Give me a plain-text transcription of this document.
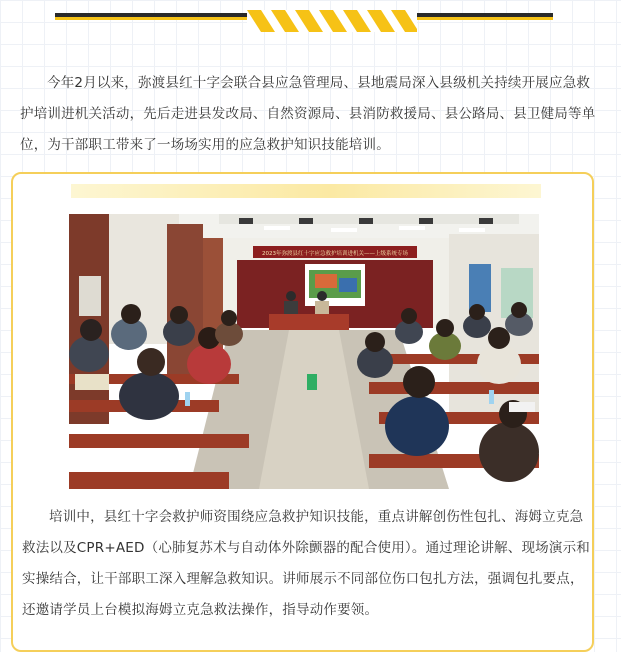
今年2月以来，弥渡县红十字会联合县应急管理局、县地震局深入县级机关持续开展应急救护培训进机关活动，先后走进县发改局、自然资源局、县消防救援局、县公路局、县卫健局等单位，为干部职工带来了一场场实用的应急救护知识技能培训。

2023年弥渡县红十字应急救护培训进机关——上级系统专场

培训中，县红十字会救护师资围绕应急救护知识技能，重点讲解创伤性包扎、海姆立克急救法以及CPR+AED（心肺复苏术与自动体外除颤器的配合使用）。通过理论讲解、现场演示和实操结合，让干部职工深入理解急救知识。讲师展示不同部位伤口包扎方法，强调包扎要点，还邀请学员上台模拟海姆立克急救法操作，指导动作要领。
